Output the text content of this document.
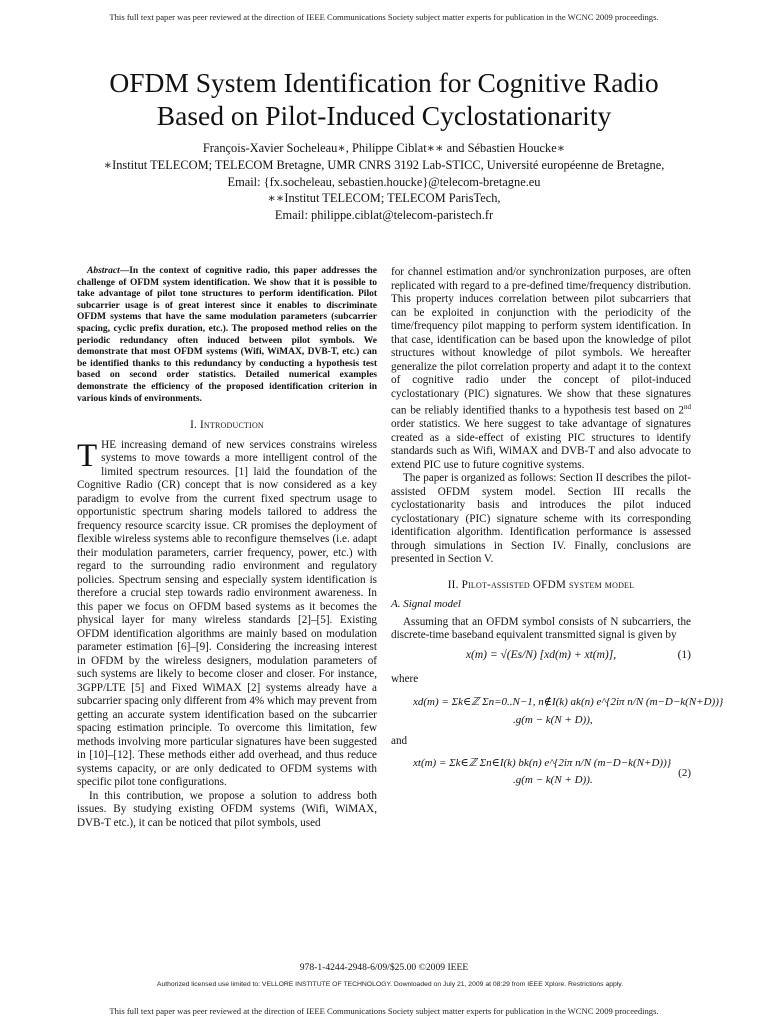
This full text paper was peer reviewed at the direction of IEEE Communications Society subject matter experts for publication in the WCNC 2009 proceedings.
OFDM System Identification for Cognitive Radio
Based on Pilot-Induced Cyclostationarity
François-Xavier Socheleau∗, Philippe Ciblat∗∗ and Sébastien Houcke∗
∗Institut TELECOM; TELECOM Bretagne, UMR CNRS 3192 Lab-STICC, Université européenne de Bretagne,
Email: {fx.socheleau, sebastien.houcke}@telecom-bretagne.eu
∗∗Institut TELECOM; TELECOM ParisTech,
Email: philippe.ciblat@telecom-paristech.fr

Abstract—In the context of cognitive radio, this paper addresses the challenge of OFDM system identification. We show that it is possible to take advantage of pilot tone structures to perform identification. Pilot subcarrier usage is of great interest since it enables to discriminate OFDM systems that have the same modulation parameters (subcarrier spacing, cyclic prefix duration, etc.). The proposed method relies on the periodic redundancy often induced between pilot symbols. We demonstrate that most OFDM systems (Wifi, WiMAX, DVB-T, etc.) can be identified thanks to this redundancy by conducting a hypothesis test based on second order statistics. Detailed numerical examples demonstrate the efficiency of the proposed identification criterion in various kinds of environments.

I. Introduction

THE increasing demand of new services constrains wireless systems to move towards a more intelligent control of the limited spectrum resources. [1] laid the foundation of the Cognitive Radio (CR) concept that is now considered as a key paradigm to evolve from the current fixed spectrum usage to opportunistic spectrum sharing models tailored to address the frequency resource scarcity issue. CR promises the deployment of flexible wireless systems able to reconfigure themselves (i.e. adapt their modulation parameters, carrier frequency, power, etc.) with regard to the surrounding radio environment and regulatory policies. Spectrum sensing and especially system identification is therefore a crucial step towards radio environment awareness. In this paper we focus on OFDM based systems as it becomes the physical layer for many wireless standards [2]–[5]. Existing OFDM identification algorithms are mainly based on modulation parameter estimation [6]–[9]. Considering the increasing interest in OFDM by the wireless designers, modulation parameters of such systems are likely to become closer and closer. For instance, 3GPP/LTE [5] and Fixed WiMAX [2] systems already have a subcarrier spacing only different from 4% which may prevent from getting an accurate system identification based on the subcarrier spacing estimation principle. To overcome this limitation, few methods involving more particular signatures have been suggested in [10]–[12]. These methods either add overhead, and thus reduce systems capacity, or are only dedicated to OFDM systems with specific pilot tone configurations.

In this contribution, we propose a solution to address both issues. By studying existing OFDM systems (Wifi, WiMAX, DVB-T etc.), it can be noticed that pilot symbols, used

for channel estimation and/or synchronization purposes, are often replicated with regard to a pre-defined time/frequency distribution. This property induces correlation between pilot subcarriers that can be exploited in conjunction with the periodicity of the time/frequency pilot mapping to perform system identification. In that case, identification can be based upon the knowledge of pilot structures without knowledge of pilot symbols. We hereafter generalize the pilot correlation property and adapt it to the context of cognitive radio under the concept of pilot-induced cyclostationary (PIC) signatures. We show that these signatures can be reliably identified thanks to a hypothesis test based on 2nd order statistics. We here suggest to take advantage of signatures created as a side-effect of existing PIC structures to identify standards such as Wifi, WiMAX and DVB-T and also advocate to extend PIC use to future cognitive systems.

The paper is organized as follows: Section II describes the pilot-assisted OFDM system model. Section III recalls the cyclostationarity basis and introduces the pilot induced cyclostationary (PIC) signature scheme with its corresponding identification algorithm. Identification performance is assessed through simulations in Section IV. Finally, conclusions are presented in Section V.

II. Pilot-assisted OFDM system model
A. Signal model

Assuming that an OFDM symbol consists of N subcarriers, the discrete-time baseband equivalent transmitted signal is given by

x(m) = √(Es/N) [xd(m) + xt(m)],	(1)

where

xd(m) = Σk∈ℤ Σn=0..N−1, n∉I(k) ak(n) e^{2iπ n/N (m−D−k(N+D))}
.g(m − k(N + D)),

and

xt(m) = Σk∈ℤ Σn∈I(k) bk(n) e^{2iπ n/N (m−D−k(N+D))}
.g(m − k(N + D)).
(2)
978-1-4244-2948-6/09/$25.00 ©2009 IEEE
Authorized licensed use limited to: VELLORE INSTITUTE OF TECHNOLOGY. Downloaded on July 21, 2009 at 08:29 from IEEE Xplore. Restrictions apply.
This full text paper was peer reviewed at the direction of IEEE Communications Society subject matter experts for publication in the WCNC 2009 proceedings.
